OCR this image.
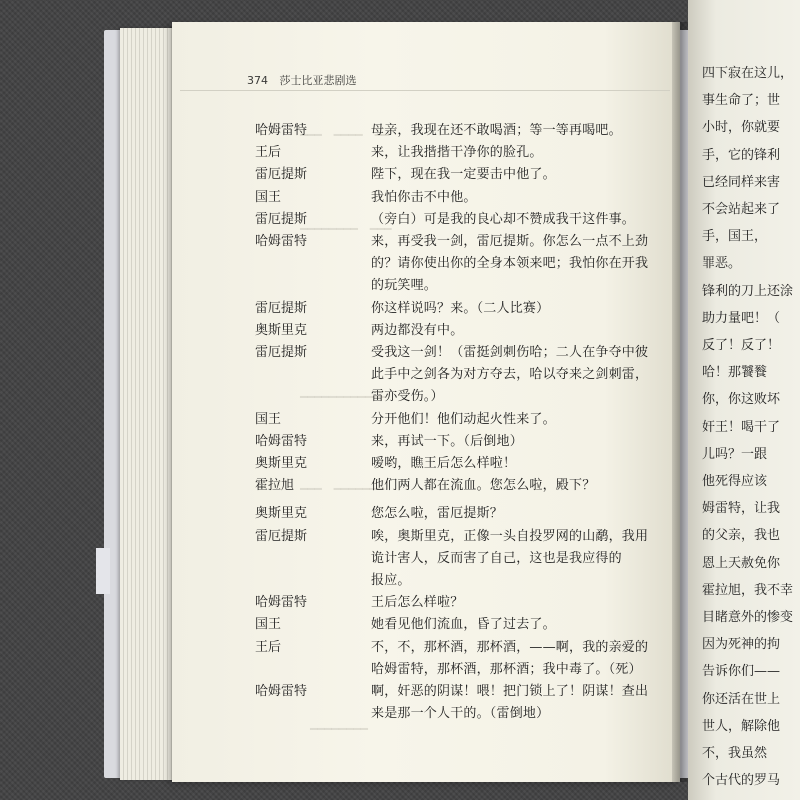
━━━　━━━━　━━
━━━━━━━━　━━━
━━━━━━━━━━━━
━━━　━━━━━━━
━━━━━━━━　
374 莎士比亚悲剧选
哈姆雷特	母亲，我现在还不敢喝酒；等一等再喝吧。
王后	来，让我揩揩干净你的脸孔。
雷厄提斯	陛下，现在我一定要击中他了。
国王	我怕你击不中他。
雷厄提斯	（旁白）可是我的良心却不赞成我干这件事。
哈姆雷特	来，再受我一剑，雷厄提斯。你怎么一点不上劲
的？请你使出你的全身本领来吧；我怕你在开我
的玩笑哩。
雷厄提斯	你这样说吗？来。（二人比赛）
奥斯里克	两边都没有中。
雷厄提斯	受我这一剑！（雷挺剑刺伤哈；二人在争夺中彼
此手中之剑各为对方夺去，哈以夺来之剑刺雷，
雷亦受伤。）
国王	分开他们！他们动起火性来了。
哈姆雷特	来，再试一下。（后倒地）
奥斯里克	嗳哟，瞧王后怎么样啦！
霍拉旭	他们两人都在流血。您怎么啦，殿下？
奥斯里克	您怎么啦，雷厄提斯？
雷厄提斯	唉，奥斯里克，正像一头自投罗网的山鹬，我用
诡计害人，反而害了自己，这也是我应得的
报应。
哈姆雷特	王后怎么样啦？
国王	她看见他们流血，昏了过去了。
王后	不，不，那杯酒，那杯酒，——啊，我的亲爱的
哈姆雷特，那杯酒，那杯酒；我中毒了。（死）
哈姆雷特	啊，奸恶的阴谋！喂！把门锁上了！阴谋！查出
来是那一个人干的。（雷倒地）
四下寂在这儿，
事生命了；世
小时，你就要
手，它的锋利
已经同样来害
不会站起来了
手，国王，
罪恶。
锋利的刀上还涂
助力量吧！（
反了！反了！
哈！那饕餮
你，你这败坏
奸王！喝干了
儿吗？一跟
他死得应该
姆雷特，让我
的父亲，我也
恩上天赦免你
霍拉旭，我不幸
目睹意外的惨变
因为死神的拘
告诉你们——
你还活在世上
世人，解除他
不，我虽然
个古代的罗马
